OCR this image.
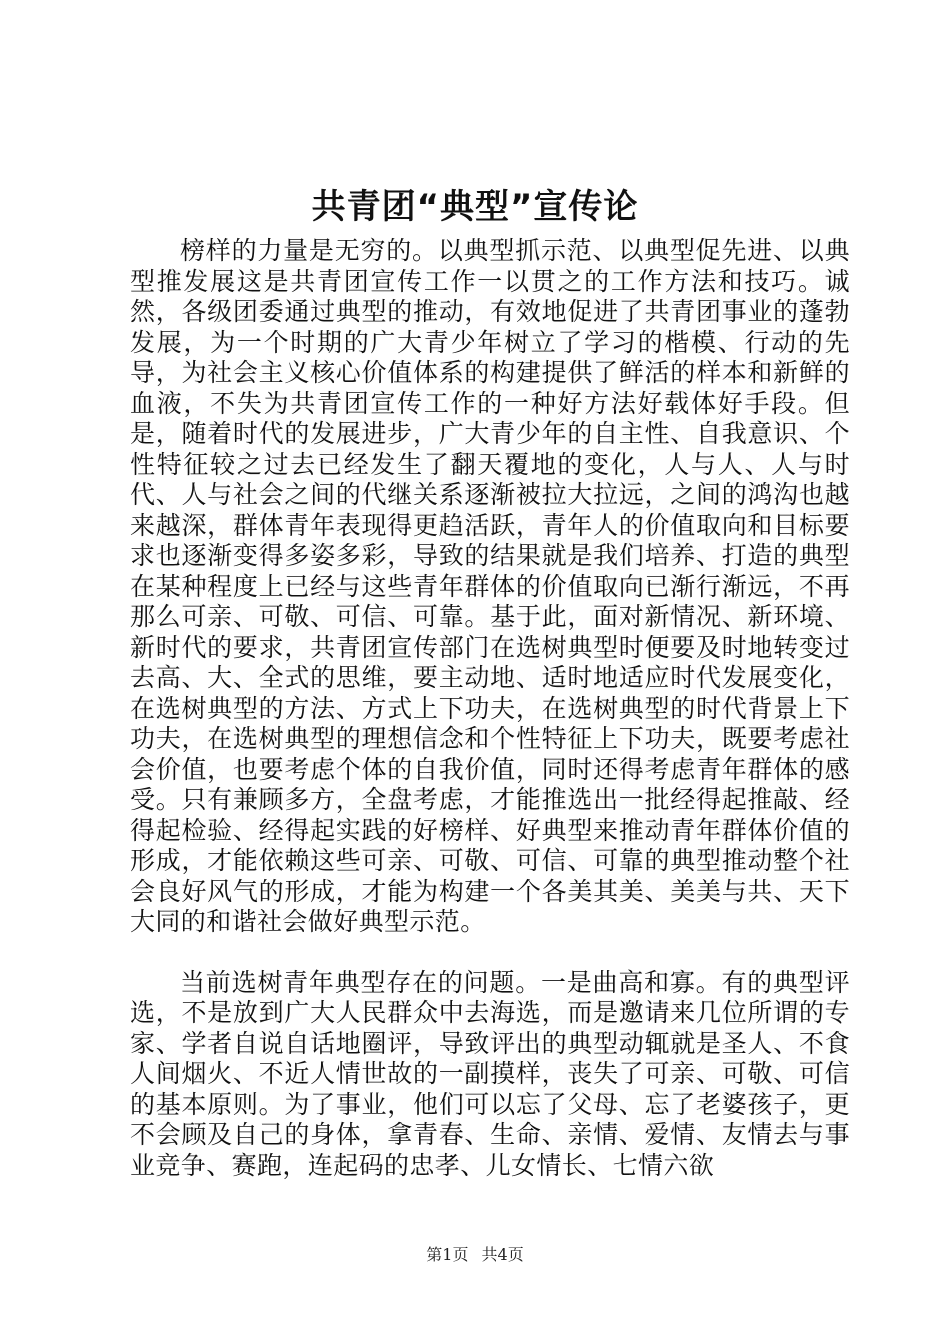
共青团“典型”宣传论

榜样的力量是无穷的。以典型抓示范、以典型促先进、以典型推发展这是共青团宣传工作一以贯之的工作方法和技巧。诚然，各级团委通过典型的推动，有效地促进了共青团事业的蓬勃发展，为一个时期的广大青少年树立了学习的楷模、行动的先导，为社会主义核心价值体系的构建提供了鲜活的样本和新鲜的血液，不失为共青团宣传工作的一种好方法好载体好手段。但是，随着时代的发展进步，广大青少年的自主性、自我意识、个性特征较之过去已经发生了翻天覆地的变化，人与人、人与时代、人与社会之间的代继关系逐渐被拉大拉远，之间的鸿沟也越来越深，群体青年表现得更趋活跃，青年人的价值取向和目标要求也逐渐变得多姿多彩，导致的结果就是我们培养、打造的典型在某种程度上已经与这些青年群体的价值取向已渐行渐远，不再那么可亲、可敬、可信、可靠。基于此，面对新情况、新环境、新时代的要求，共青团宣传部门在选树典型时便要及时地转变过去高、大、全式的思维，要主动地、适时地适应时代发展变化，在选树典型的方法、方式上下功夫，在选树典型的时代背景上下功夫，在选树典型的理想信念和个性特征上下功夫，既要考虑社会价值，也要考虑个体的自我价值，同时还得考虑青年群体的感受。只有兼顾多方，全盘考虑，才能推选出一批经得起推敲、经得起检验、经得起实践的好榜样、好典型来推动青年群体价值的形成，才能依赖这些可亲、可敬、可信、可靠的典型推动整个社会良好风气的形成，才能为构建一个各美其美、美美与共、天下大同的和谐社会做好典型示范。

当前选树青年典型存在的问题。一是曲高和寡。有的典型评选，不是放到广大人民群众中去海选，而是邀请来几位所谓的专家、学者自说自话地圈评，导致评出的典型动辄就是圣人、不食人间烟火、不近人情世故的一副摸样，丧失了可亲、可敬、可信的基本原则。为了事业，他们可以忘了父母、忘了老婆孩子，更不会顾及自己的身体，拿青春、生命、亲情、爱情、友情去与事业竞争、赛跑，连起码的忠孝、儿女情长、七情六欲

第1页 共4页
